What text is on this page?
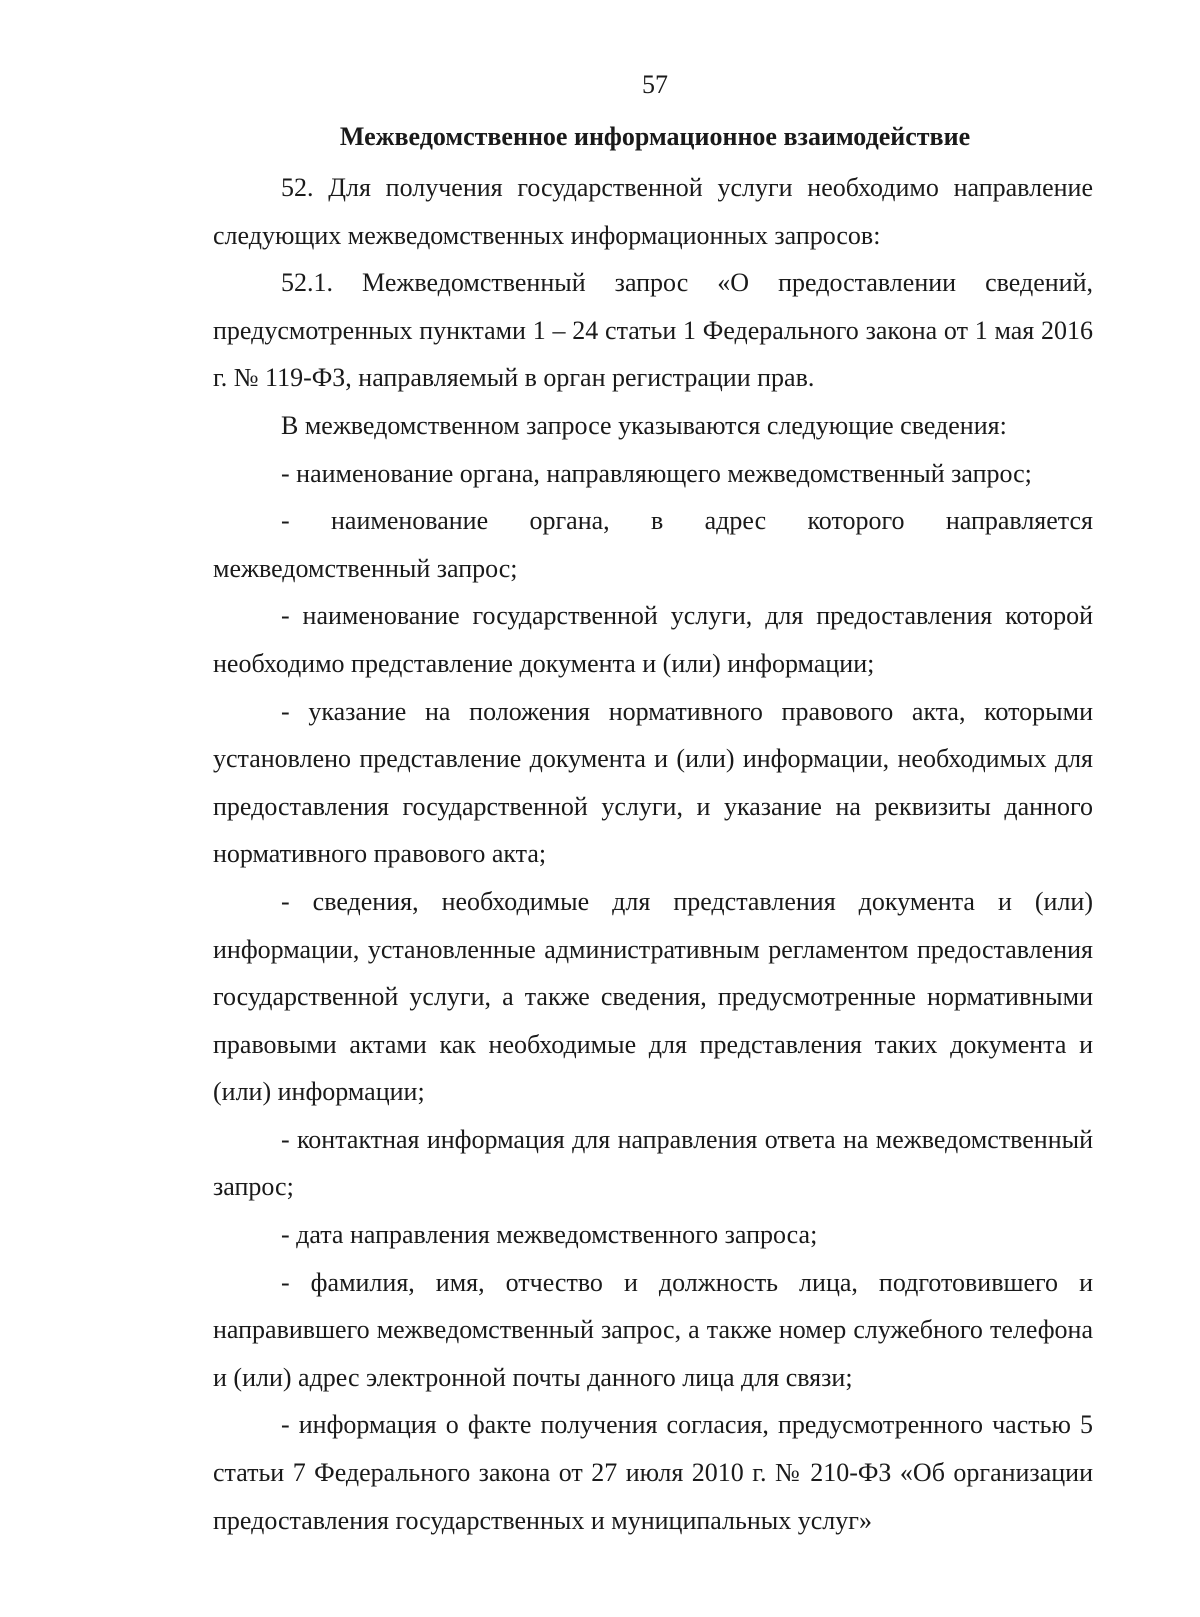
57
Межведомственное информационное взаимодействие

52. Для получения государственной услуги необходимо направление следующих межведомственных информационных запросов:

52.1. Межведомственный запрос «О предоставлении сведений, предусмотренных пунктами 1 – 24 статьи 1 Федерального закона от 1 мая 2016 г. № 119-ФЗ, направляемый в орган регистрации прав.

В межведомственном запросе указываются следующие сведения:

- наименование органа, направляющего межведомственный запрос;

- наименование органа, в адрес которого направляется межведомственный запрос;

- наименование государственной услуги, для предоставления которой необходимо представление документа и (или) информации;

- указание на положения нормативного правового акта, которыми установлено представление документа и (или) информации, необходимых для предоставления государственной услуги, и указание на реквизиты данного нормативного правового акта;

- сведения, необходимые для представления документа и (или) информации, установленные административным регламентом предоставления государственной услуги, а также сведения, предусмотренные нормативными правовыми актами как необходимые для представления таких документа и (или) информации;

- контактная информация для направления ответа на межведомственный запрос;

- дата направления межведомственного запроса;

- фамилия, имя, отчество и должность лица, подготовившего и направившего межведомственный запрос, а также номер служебного телефона и (или) адрес электронной почты данного лица для связи;

- информация о факте получения согласия, предусмотренного частью 5 статьи 7 Федерального закона от 27 июля 2010 г. № 210-ФЗ «Об организации предоставления государственных и муниципальных услуг»
